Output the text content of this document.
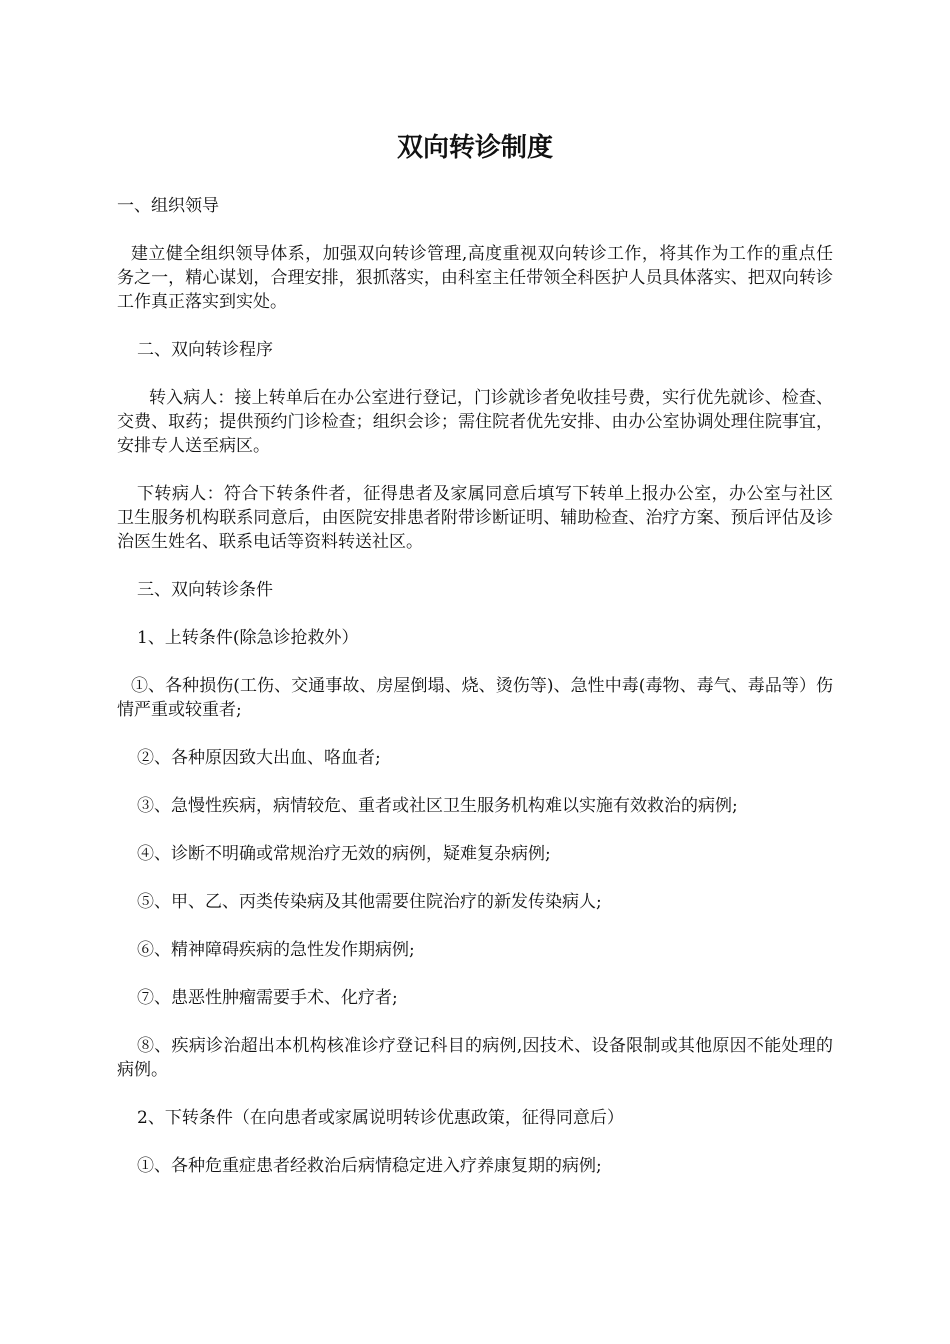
双向转诊制度

一、组织领导

建立健全组织领导体系，加强双向转诊管理,高度重视双向转诊工作，将其作为工作的重点任务之一，精心谋划，合理安排，狠抓落实，由科室主任带领全科医护人员具体落实、把双向转诊工作真正落实到实处。

二、双向转诊程序

转入病人：接上转单后在办公室进行登记，门诊就诊者免收挂号费，实行优先就诊、检查、交费、取药；提供预约门诊检查；组织会诊；需住院者优先安排、由办公室协调处理住院事宜，安排专人送至病区。

下转病人：符合下转条件者，征得患者及家属同意后填写下转单上报办公室，办公室与社区卫生服务机构联系同意后，由医院安排患者附带诊断证明、辅助检查、治疗方案、预后评估及诊治医生姓名、联系电话等资料转送社区。

三、双向转诊条件

1、上转条件(除急诊抢救外）

①、各种损伤(工伤、交通事故、房屋倒塌、烧、烫伤等)、急性中毒(毒物、毒气、毒品等）伤情严重或较重者;

②、各种原因致大出血、咯血者;

③、急慢性疾病，病情较危、重者或社区卫生服务机构难以实施有效救治的病例;

④、诊断不明确或常规治疗无效的病例，疑难复杂病例;

⑤、甲、乙、丙类传染病及其他需要住院治疗的新发传染病人;

⑥、精神障碍疾病的急性发作期病例;

⑦、患恶性肿瘤需要手术、化疗者;

⑧、疾病诊治超出本机构核准诊疗登记科目的病例,因技术、设备限制或其他原因不能处理的病例。

2、下转条件（在向患者或家属说明转诊优惠政策，征得同意后）

①、各种危重症患者经救治后病情稳定进入疗养康复期的病例;
